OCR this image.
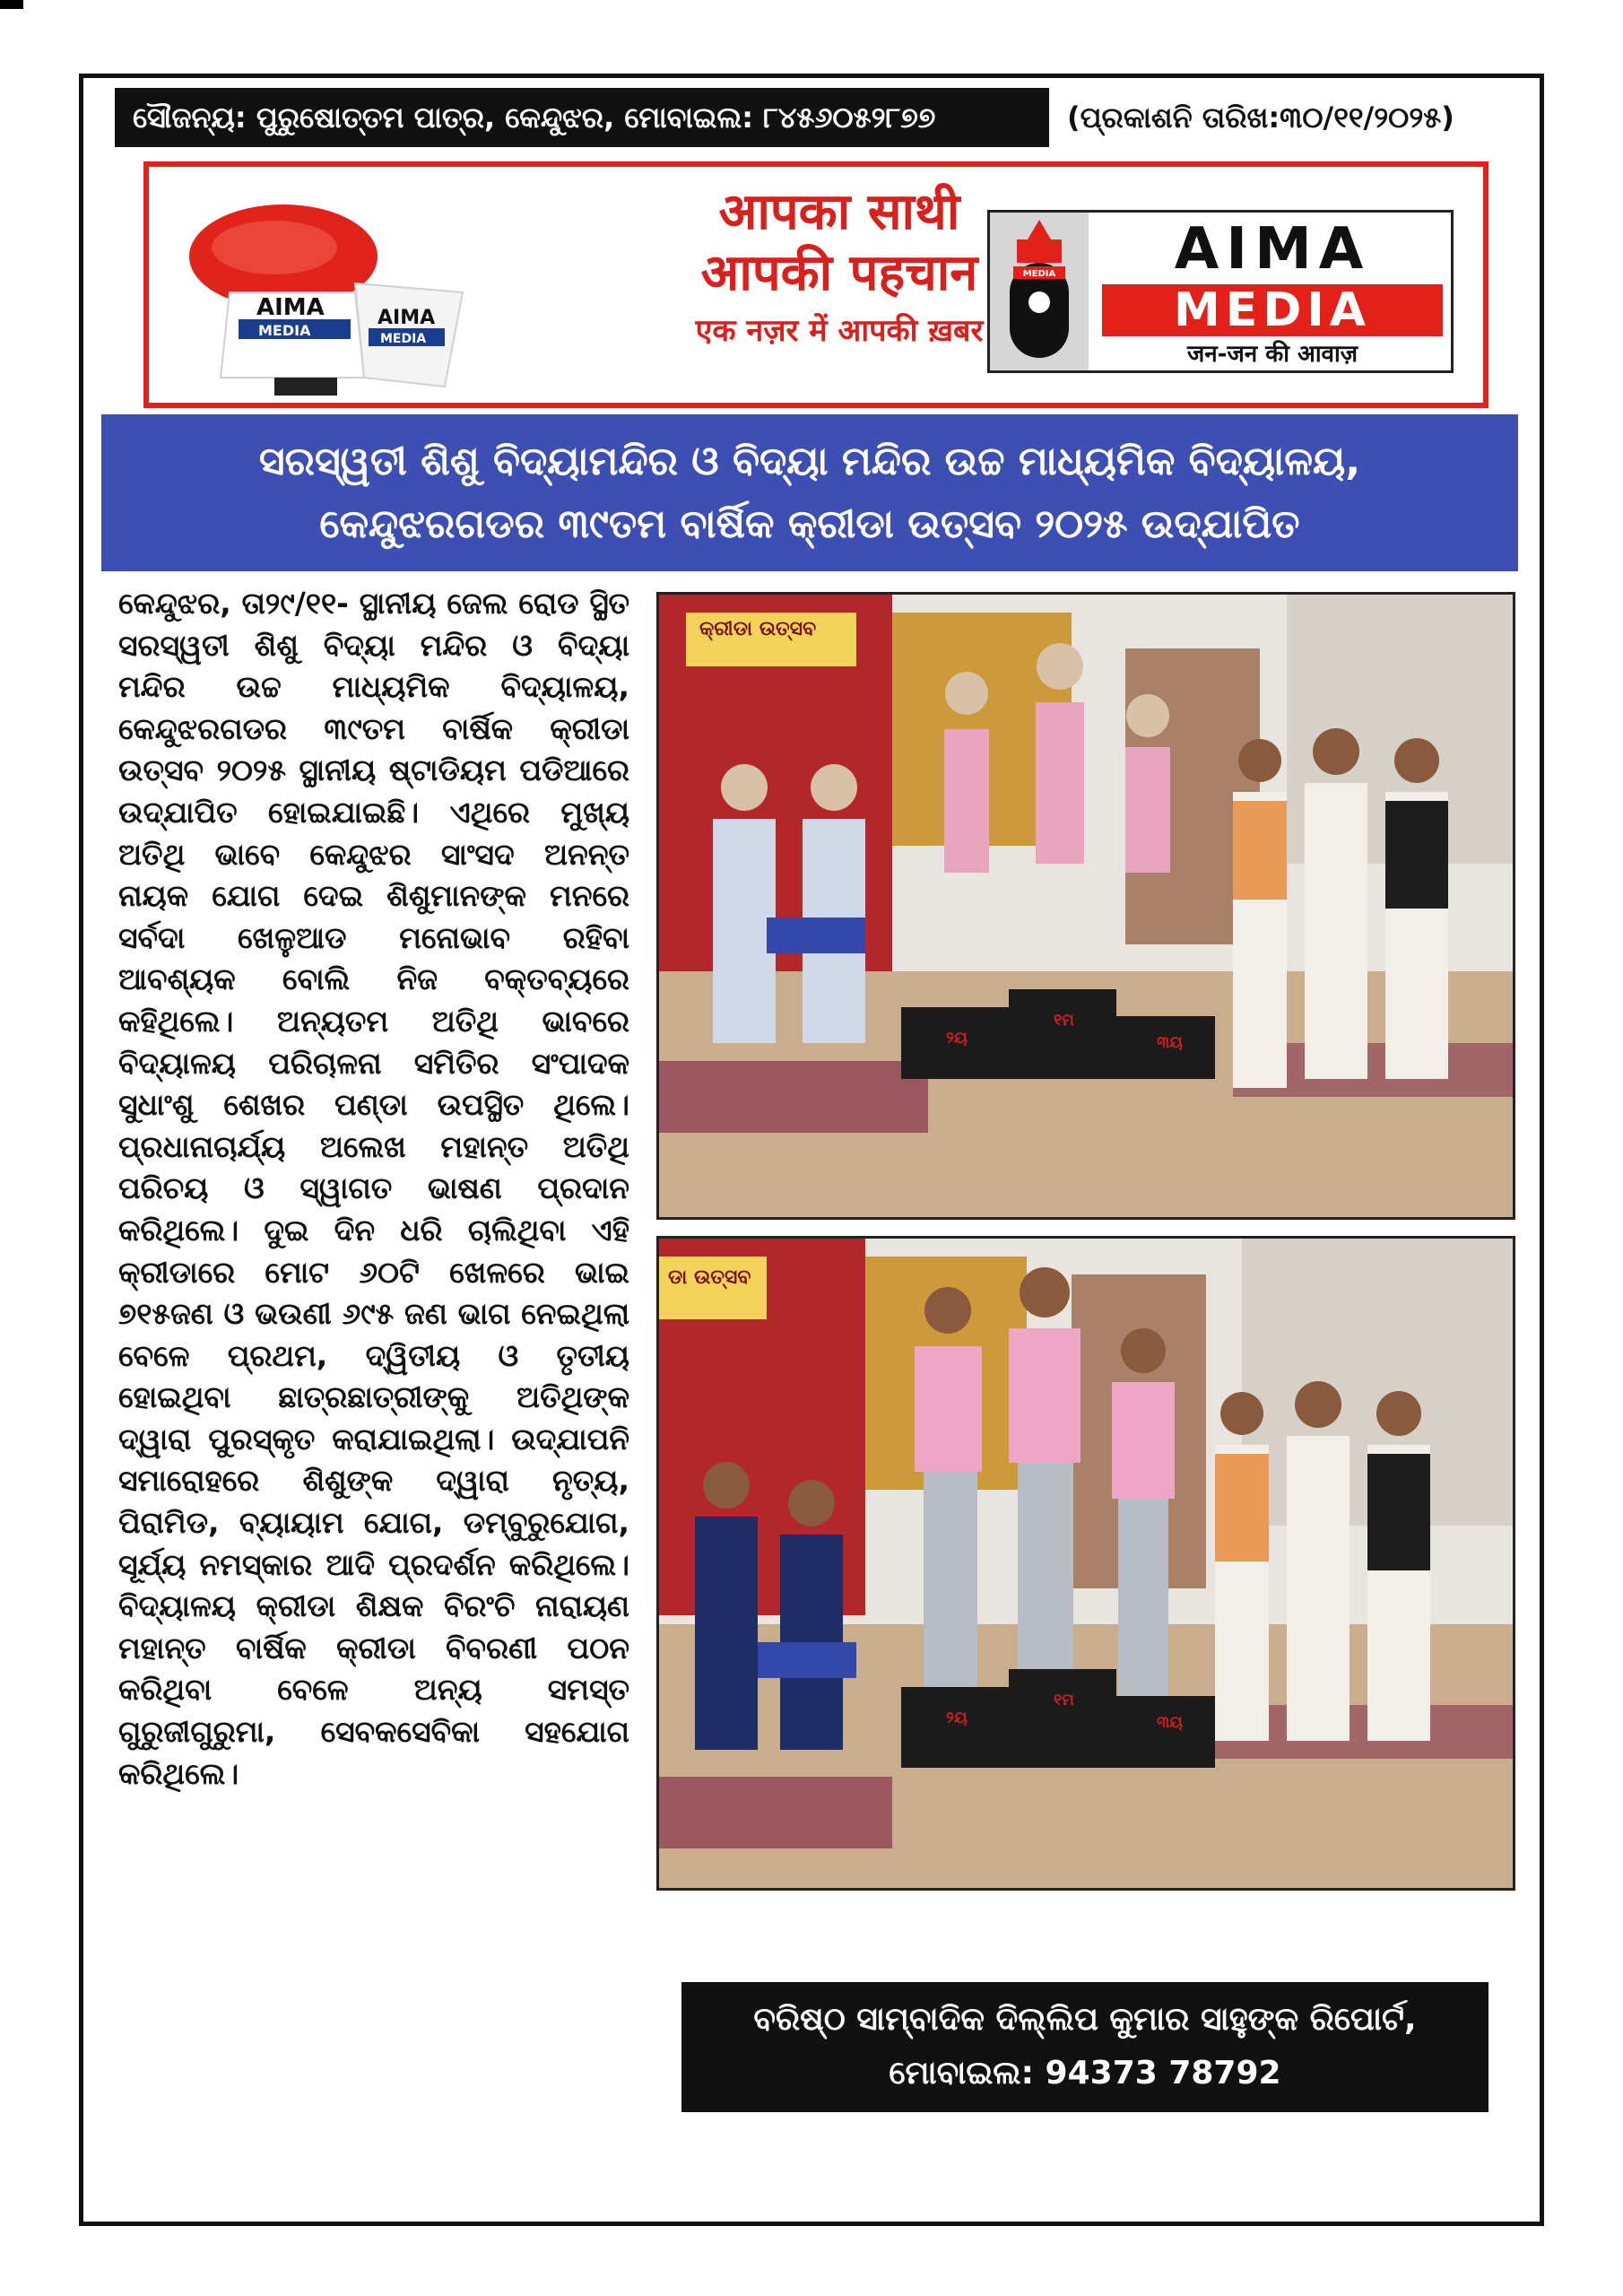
ସୌଜନ୍ୟ: ପୁରୁଷୋତ୍ତମ ପାତ୍ର, କେନ୍ଦୁଝର, ମୋବାଇଲ: ୮୪୫୬୦୫୨୮୭୭	(ପ୍ରକାଶନି ତାରିଖ:୩୦/୧୧/୨୦୨୫)
AIMA	AIMA
MEDIA	MEDIA
आपका साथी
आपकी पहचान
एक नज़र में आपकी ख़बर
MEDIA	AIMA
MEDIA
जन-जन की आवाज़
ସରସ୍ୱତୀ ଶିଶୁ ବିଦ୍ୟାମନ୍ଦିର ଓ ବିଦ୍ୟା ମନ୍ଦିର ଉଚ୍ଚ ମାଧ୍ୟମିକ ବିଦ୍ୟାଳୟ,
କେନ୍ଦୁଝରଗଡର ୩୯ତମ ବାର୍ଷିକ କ୍ରୀଡା ଉତ୍ସବ ୨୦୨୫ ଉଦ୍‌ଯାପିତ
କେନ୍ଦୁଝର, ତା୨୯/୧୧- ସ୍ଥାନୀୟ ଜେଲ ରୋଡ ସ୍ଥିତ ସରସ୍ୱତୀ ଶିଶୁ ବିଦ୍ୟା ମନ୍ଦିର ଓ ବିଦ୍ୟା ମନ୍ଦିର ଉଚ୍ଚ ମାଧ୍ୟମିକ ବିଦ୍ୟାଳୟ, କେନ୍ଦୁଝରଗଡର ୩୯ତମ ବାର୍ଷିକ କ୍ରୀଡା ଉତ୍ସବ ୨୦୨୫ ସ୍ଥାନୀୟ ଷ୍ଟାଡିୟମ ପଡିଆରେ ଉଦ୍‌ଯାପିତ ହୋଇଯାଇଛି। ଏଥିରେ ମୁଖ୍ୟ ଅତିଥି ଭାବେ କେନ୍ଦୁଝର ସାଂସଦ ଅନନ୍ତ ନାୟକ ଯୋଗ ଦେଇ ଶିଶୁମାନଙ୍କ ମନରେ ସର୍ବଦା ଖେଳୁଆଡ ମନୋଭାବ ରହିବା ଆବଶ୍ୟକ ବୋଲି ନିଜ ବକ୍ତବ୍ୟରେ କହିଥିଲେ। ଅନ୍ୟତମ ଅତିଥି ଭାବରେ ବିଦ୍ୟାଳୟ ପରିଚାଳନା ସମିତିର ସଂପାଦକ ସୁଧାଂଶୁ ଶେଖର ପଣ୍ଡା ଉପସ୍ଥିତ ଥିଲେ। ପ୍ରଧାନାଚାର୍ଯ୍ୟ ଅଲେଖ ମହାନ୍ତ ଅତିଥି ପରିଚୟ ଓ ସ୍ୱାଗତ ଭାଷଣ ପ୍ରଦାନ କରିଥିଲେ। ଦୁଇ ଦିନ ଧରି ଚାଲିଥିବା ଏହି କ୍ରୀଡାରେ ମୋଟ ୬୦ଟି ଖେଳରେ ଭାଇ ୭୧୫ଜଣ ଓ ଭଉଣୀ ୬୯୫ ଜଣ ଭାଗ ନେଇଥିଲା ବେଳେ ପ୍ରଥମ, ଦ୍ୱିତୀୟ ଓ ତୃତୀୟ ହୋଇଥିବା ଛାତ୍ରଛାତ୍ରୀଙ୍କୁ ଅତିଥିଙ୍କ ଦ୍ୱାରା ପୁରସ୍କୃତ କରାଯାଇଥିଲା। ଉଦ୍‌ଯାପନି ସମାରୋହରେ ଶିଶୁଙ୍କ ଦ୍ୱାରା ନୃତ୍ୟ, ପିରାମିଡ, ବ୍ୟାୟାମ ଯୋଗ, ଡମ୍ବୁରୁଯୋଗ, ସୂର୍ଯ୍ୟ ନମସ୍କାର ଆଦି ପ୍ରଦର୍ଶନ କରିଥିଲେ। ବିଦ୍ୟାଳୟ କ୍ରୀଡା ଶିକ୍ଷକ ବିରଂଚି ନାରାୟଣ ମହାନ୍ତ ବାର୍ଷିକ କ୍ରୀଡା ବିବରଣୀ ପଠନ କରିଥିବା ବେଳେ ଅନ୍ୟ ସମସ୍ତ ଗୁରୁଜୀଗୁରୁମା, ସେବକସେବିକା ସହଯୋଗ କରିଥିଲେ।
କ୍ରୀଡା ଉତ୍ସବ
୨ୟ
୧ମ
୩ୟ
ଡା ଉତ୍ସବ
୨ୟ
୧ମ
୩ୟ
ବରିଷ୍ଠ ସାମ୍ବାଦିକ ଦିଲ୍ଲିପ କୁମାର ସାହୁଙ୍କ ରିପୋର୍ଟ,
ମୋବାଇଲ: 94373 78792
